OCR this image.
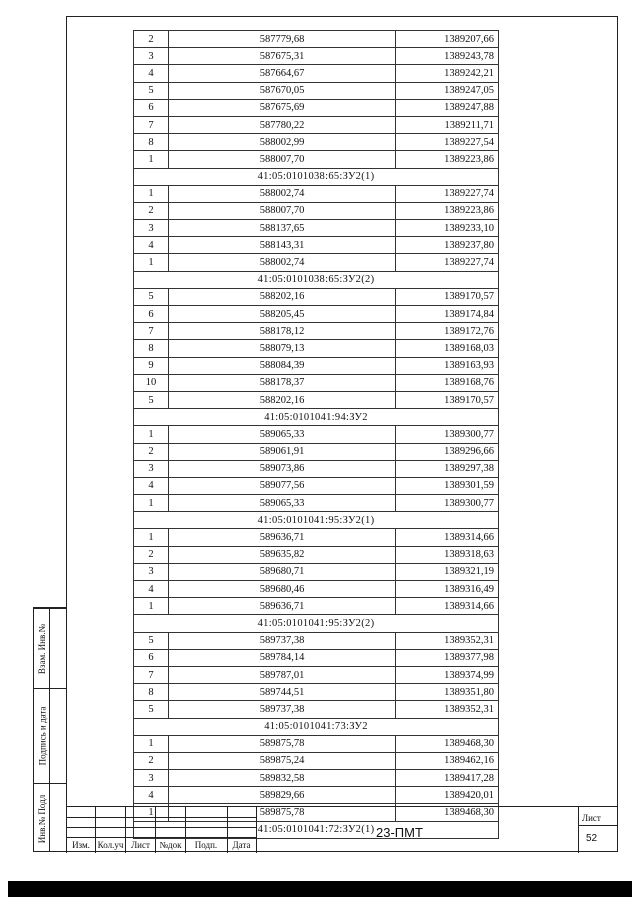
Взам. Инв.№
Подпись и дата
Инв.№ Подл
2	587779,68	1389207,66
3	587675,31	1389243,78
4	587664,67	1389242,21
5	587670,05	1389247,05
6	587675,69	1389247,88
7	587780,22	1389211,71
8	588002,99	1389227,54
1	588007,70	1389223,86
41:05:0101038:65:ЗУ2(1)		
1	588002,74	1389227,74
2	588007,70	1389223,86
3	588137,65	1389233,10
4	588143,31	1389237,80
1	588002,74	1389227,74
41:05:0101038:65:ЗУ2(2)		
5	588202,16	1389170,57
6	588205,45	1389174,84
7	588178,12	1389172,76
8	588079,13	1389168,03
9	588084,39	1389163,93
10	588178,37	1389168,76
5	588202,16	1389170,57
41:05:0101041:94:ЗУ2		
1	589065,33	1389300,77
2	589061,91	1389296,66
3	589073,86	1389297,38
4	589077,56	1389301,59
1	589065,33	1389300,77
41:05:0101041:95:ЗУ2(1)		
1	589636,71	1389314,66
2	589635,82	1389318,63
3	589680,71	1389321,19
4	589680,46	1389316,49
1	589636,71	1389314,66
41:05:0101041:95:ЗУ2(2)		
5	589737,38	1389352,31
6	589784,14	1389377,98
7	589787,01	1389374,99
8	589744,51	1389351,80
5	589737,38	1389352,31
41:05:0101041:73:ЗУ2		
1	589875,78	1389468,30
2	589875,24	1389462,16
3	589832,58	1389417,28
4	589829,66	1389420,01
1	589875,78	1389468,30
41:05:0101041:72:ЗУ2(1)		
Изм. Кол.уч Лист	№док	Подп.	Дата
23-ПМТ
Лист
52
